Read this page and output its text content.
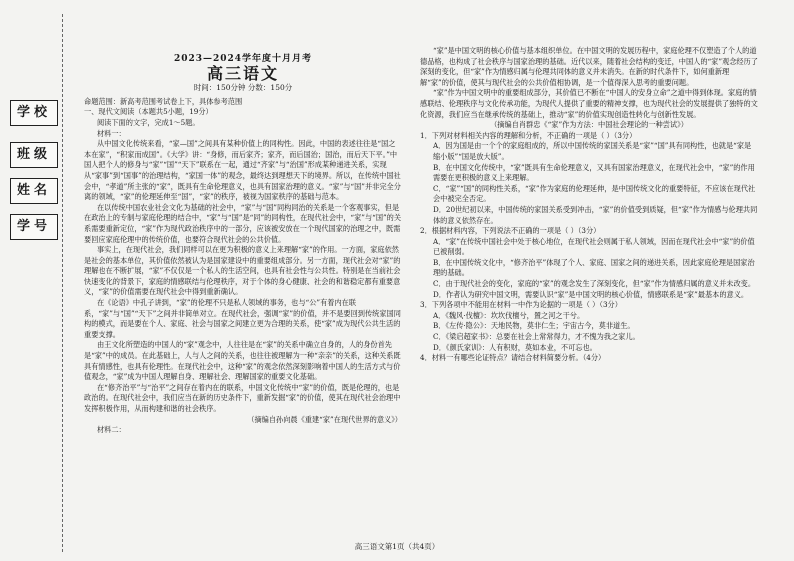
学校
班级
姓名
学号
2023—2024学年度十月月考
高三语文
时间：150分钟 分数：150分

命题范围：新高考范围考试卷上下，具体参考范围

一、现代文阅读（本题共5小题，19分）

阅读下面的文字，完成1～5题。

材料一：

从中国文化传统来看，“家—国”之间具有某种价值上的同构性。因此，中国的表述往往是“国之本在家”，“积家而成国”。《大学》讲：“身修，而后家齐；家齐，而后国治；国治，而后天下平。”中国人把个人的修身与“家”“国”“天下”联系在一起，通过“齐家”与“治国”形成某种递进关系，实现从“家事”到“国事”的治理结构，“家国一体”的观念，最终达到理想天下的境界。所以，在传统中国社会中，“孝道”所主张的“家”，既具有生命伦理意义，也具有国家治理的意义。“家”与“国”并非完全分离的领域，“家”的伦理延伸至“国”，“家”的秩序，被视为国家秩序的基础与范本。

在以传统中国农业社会文化为基础的社会中，“家”与“国”同构同治的关系是一个客观事实，但是在政治上的专制与家庭伦理的结合中，“家”与“国”是“同”的同构性，在现代社会中，“家”与“国”的关系需要重新定位，“家”作为现代政治秩序中的一部分，应该被安放在一个现代国家的治理之中，既需要回应家庭伦理中的传统价值，也要符合现代社会的公共价值。

事实上，在现代社会，我们同样可以在更为积极的意义上来理解“家”的作用。一方面，家庭依然是社会的基本单位，其价值依然被认为是国家建设中的重要组成部分。另一方面，现代社会对“家”的理解也在不断扩展，“家”不仅仅是一个私人的生活空间，也具有社会性与公共性。特别是在当前社会快速变化的背景下，家庭的情感联结与伦理秩序，对于个体的身心健康、社会的和谐稳定都有重要意义，“家”的价值需要在现代社会中得到重新确认。

在《论语》中孔子讲到，“家”的伦理不只是私人领域的事务，也与“公”有着内在联系，“家”与“国”“天下”之间并非简单对立。在现代社会，强调“家”的价值，并不是要回到传统家国同构的模式，而是要在个人、家庭、社会与国家之间建立更为合理的关系，使“家”成为现代公共生活的重要支撑。

由王文化所塑造的中国人的“家”观念中，人往往是在“家”的关系中确立自身的，人的身份首先是“家”中的成员。在此基础上，人与人之间的关系，也往往被理解为一种“亲亲”的关系，这种关系既具有情感性，也具有伦理性。在现代社会中，这种“家”的观念依然深刻影响着中国人的生活方式与价值观念，“家”成为中国人理解自身、理解社会、理解国家的重要文化基础。

在“修齐治平”与“治平”之间存在着内在的联系，中国文化传统中“家”的价值，既是伦理的，也是政治的。在现代社会中，我们应当在新的历史条件下，重新发掘“家”的价值，使其在现代社会治理中发挥积极作用，从而构建和谐的社会秩序。

（摘编自孙向晨《重建“家”在现代世界的意义》）

材料二：

“家”是中国文明的核心价值与基本组织单位。在中国文明的发展历程中，家庭伦理不仅塑造了个人的道德品格，也构成了社会秩序与国家治理的基础。近代以来，随着社会结构的变迁，中国人的“家”观念经历了深刻的变化，但“家”作为情感归属与伦理共同体的意义并未消失。在新的时代条件下，如何重新理解“家”的价值，使其与现代社会的公共价值相协调，是一个值得深入思考的重要问题。

“家”作为中国文明中的重要组成部分，其价值已不断在“中国人的安身立命”之道中得到体现。家庭的情感联结、伦理秩序与文化传承功能，为现代人提供了重要的精神支撑，也为现代社会的发展提供了独特的文化资源，我们应当在继承传统的基础上，推动“家”的价值实现创造性转化与创新性发展。

（摘编自肖群忠《“家”作为方法：中国社会理论的一种尝试》）

1．下列对材料相关内容的理解和分析，不正确的一项是（ ）（3分）

A．因为国是由一个个的家庭组成的，所以中国传统的家国关系是“家”“国”具有同构性，也就是“家是缩小版”“国是放大版”。

B．在中国文化传统中，“家”既具有生命伦理意义，又具有国家治理意义，在现代社会中，“家”的作用需要在更积极的意义上来理解。

C．“家”“国”的同构性关系，“家”作为家庭的伦理延伸，是中国传统文化的重要特征，不应该在现代社会中被完全否定。

D．20世纪初以来，中国传统的家国关系受到冲击，“家”的价值受到质疑，但“家”作为情感与伦理共同体的意义依然存在。

2．根据材料内容，下列说法不正确的一项是（ ）（3分）

A．“家”在传统中国社会中处于核心地位，在现代社会则属于私人领域，因而在现代社会中“家”的价值已被削弱。

B．在中国传统文化中，“修齐治平”体现了个人、家庭、国家之间的递进关系，因此家庭伦理是国家治理的基础。

C．由于现代社会的变化，家庭的“家”的观念发生了深刻变化，但“家”作为情感归属的意义并未改变。

D．作者认为研究中国文明，需要认识“家”是中国文明的核心价值，情感联系是“家”最基本的意义。

3．下列各项中不能用在材料一中作为论据的一项是（ ）（3分）

A．《魏风·伐檀》：坎坎伐檀兮，置之河之干兮。

B．《左传·隐公》：天地民物，莫非仁生；宇宙古今，莫非道生。

C．《梁启超家书》：总要在社会上常常得力，才不愧为我之家儿。

D．《颜氏家训》：人有积财，莫如本业，不可忘也。

4．材料一有哪些论证特点？请结合材料简要分析。（4分）

高三语文第1页（共4页）
